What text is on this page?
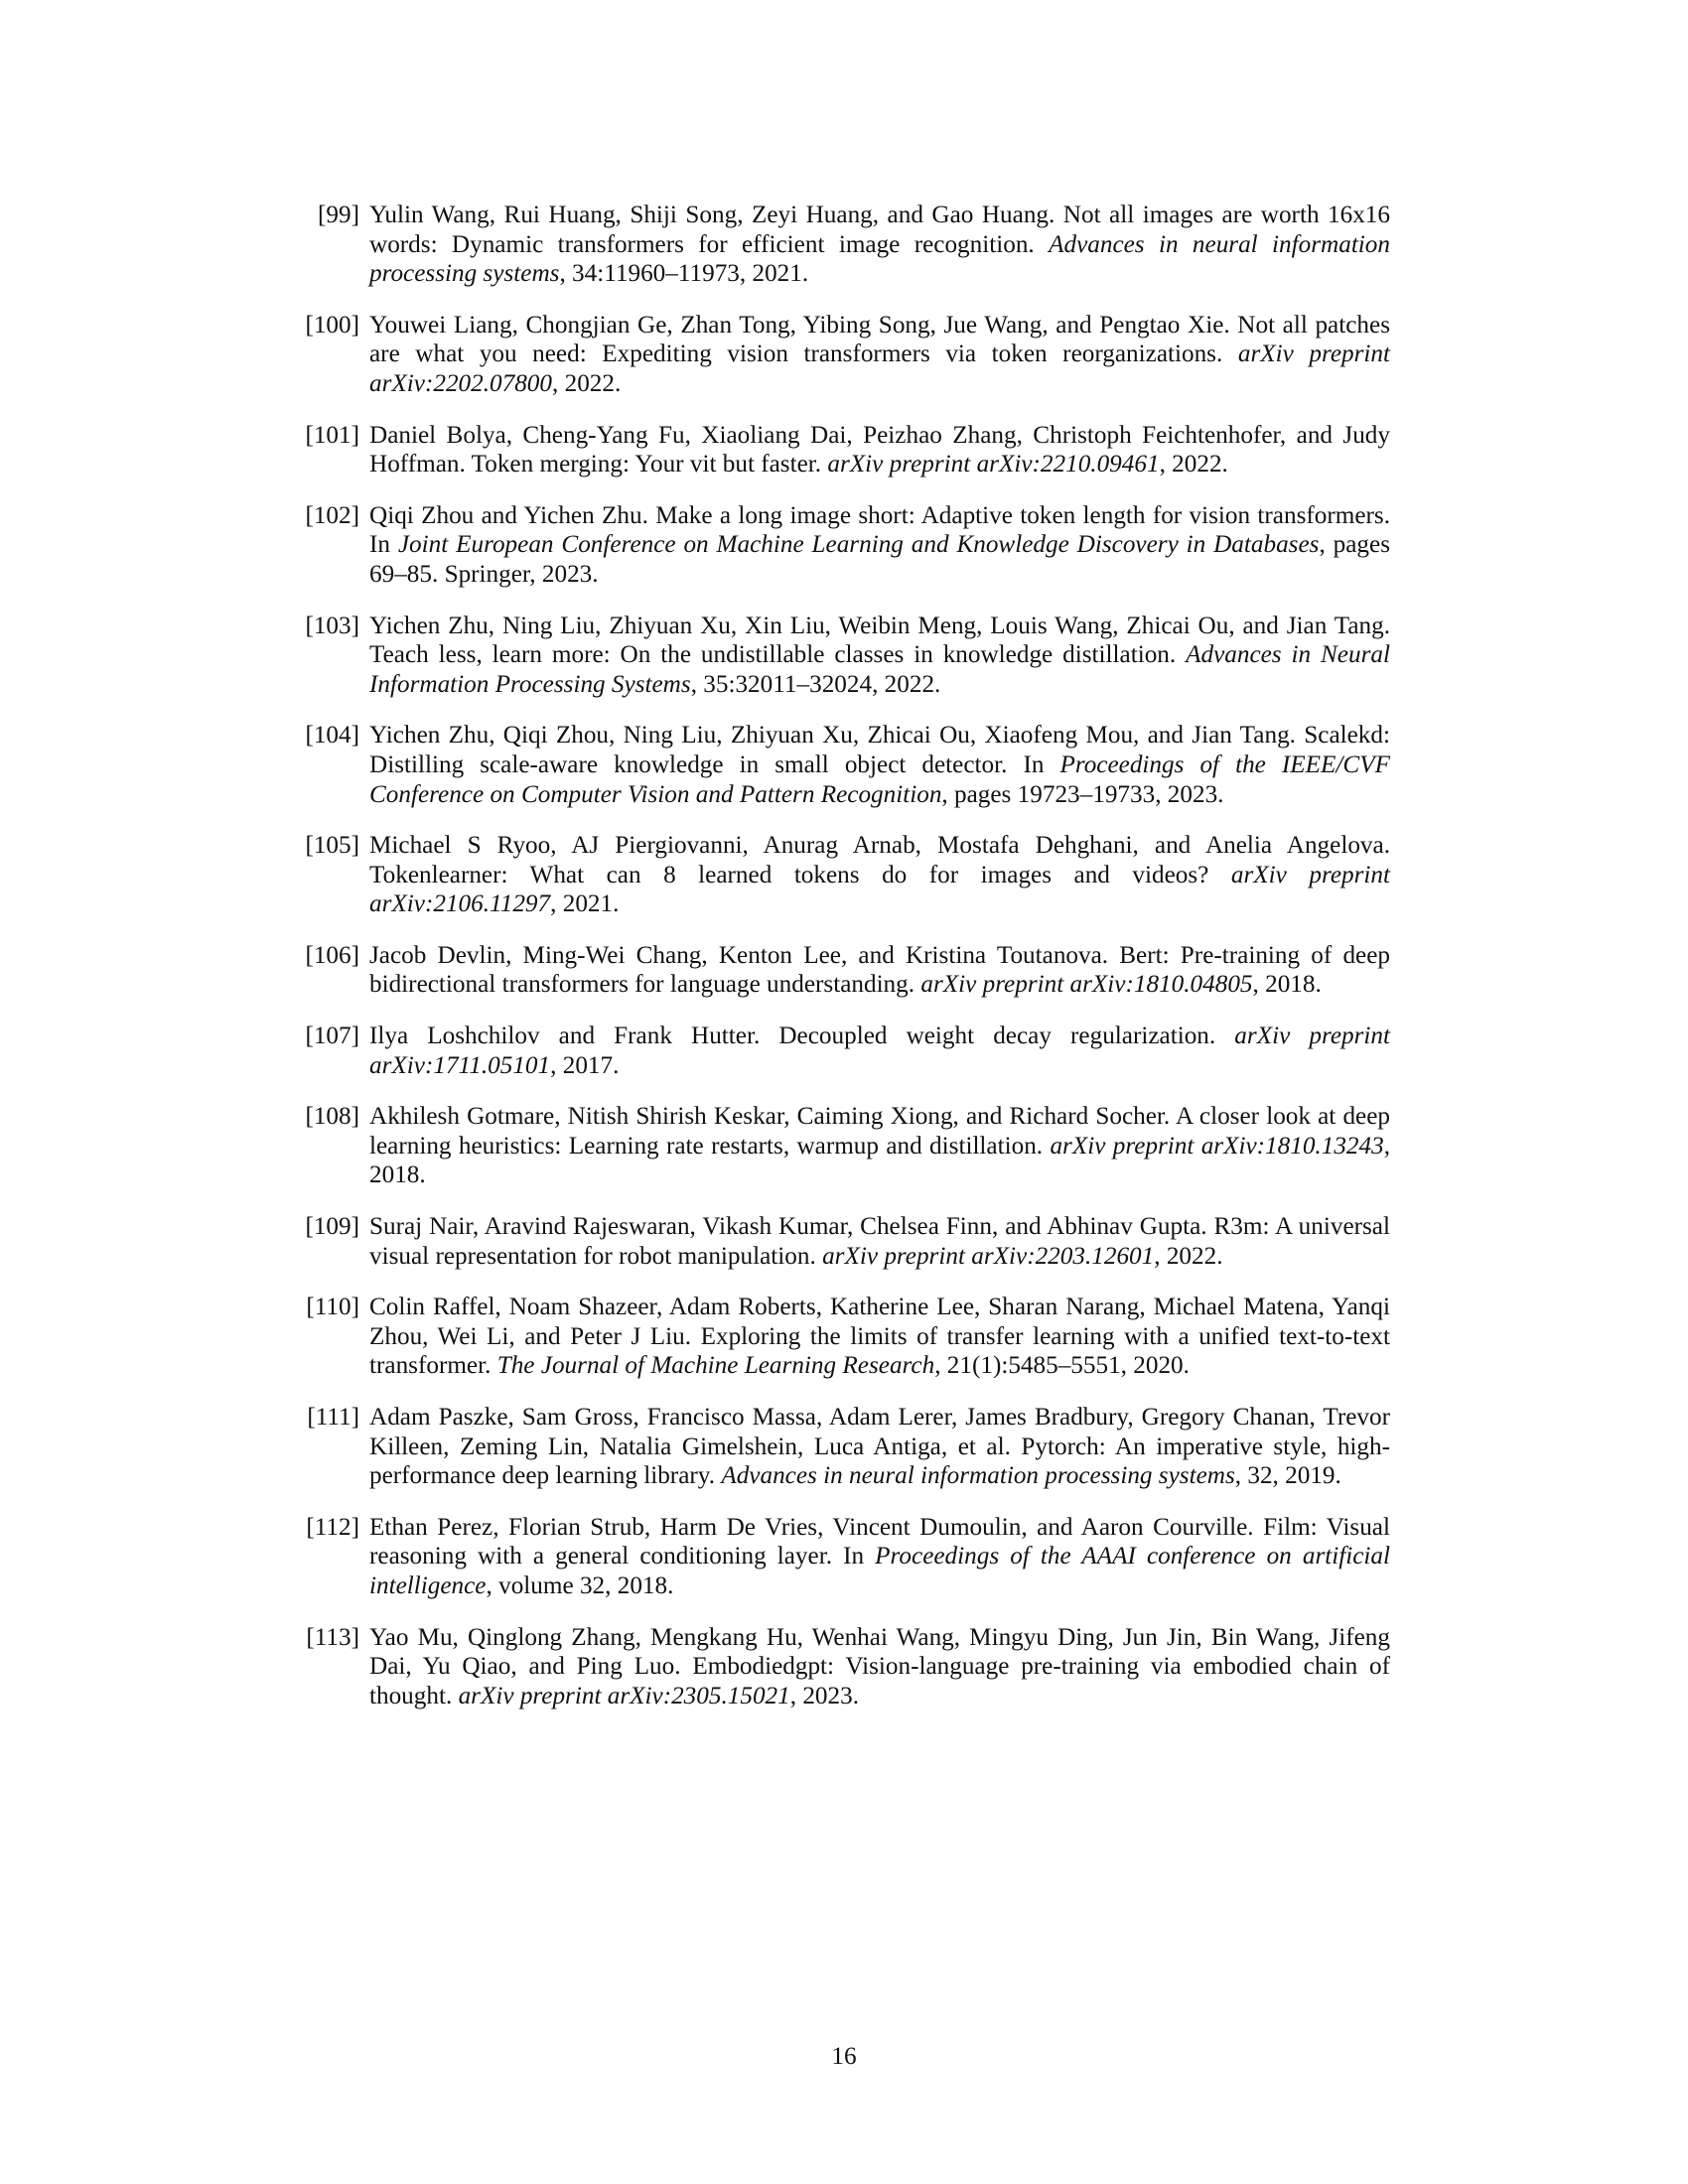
[99] Yulin Wang, Rui Huang, Shiji Song, Zeyi Huang, and Gao Huang. Not all images are worth 16x16 words: Dynamic transformers for efficient image recognition. Advances in neural information processing systems, 34:11960–11973, 2021.
[100] Youwei Liang, Chongjian Ge, Zhan Tong, Yibing Song, Jue Wang, and Pengtao Xie. Not all patches are what you need: Expediting vision transformers via token reorganizations. arXiv preprint arXiv:2202.07800, 2022.
[101] Daniel Bolya, Cheng-Yang Fu, Xiaoliang Dai, Peizhao Zhang, Christoph Feichtenhofer, and Judy Hoffman. Token merging: Your vit but faster. arXiv preprint arXiv:2210.09461, 2022.
[102] Qiqi Zhou and Yichen Zhu. Make a long image short: Adaptive token length for vision transformers. In Joint European Conference on Machine Learning and Knowledge Discovery in Databases, pages 69–85. Springer, 2023.
[103] Yichen Zhu, Ning Liu, Zhiyuan Xu, Xin Liu, Weibin Meng, Louis Wang, Zhicai Ou, and Jian Tang. Teach less, learn more: On the undistillable classes in knowledge distillation. Advances in Neural Information Processing Systems, 35:32011–32024, 2022.
[104] Yichen Zhu, Qiqi Zhou, Ning Liu, Zhiyuan Xu, Zhicai Ou, Xiaofeng Mou, and Jian Tang. Scalekd: Distilling scale-aware knowledge in small object detector. In Proceedings of the IEEE/CVF Conference on Computer Vision and Pattern Recognition, pages 19723–19733, 2023.
[105] Michael S Ryoo, AJ Piergiovanni, Anurag Arnab, Mostafa Dehghani, and Anelia Angelova. Tokenlearner: What can 8 learned tokens do for images and videos? arXiv preprint arXiv:2106.11297, 2021.
[106] Jacob Devlin, Ming-Wei Chang, Kenton Lee, and Kristina Toutanova. Bert: Pre-training of deep bidirectional transformers for language understanding. arXiv preprint arXiv:1810.04805, 2018.
[107] Ilya Loshchilov and Frank Hutter. Decoupled weight decay regularization. arXiv preprint arXiv:1711.05101, 2017.
[108] Akhilesh Gotmare, Nitish Shirish Keskar, Caiming Xiong, and Richard Socher. A closer look at deep learning heuristics: Learning rate restarts, warmup and distillation. arXiv preprint arXiv:1810.13243, 2018.
[109] Suraj Nair, Aravind Rajeswaran, Vikash Kumar, Chelsea Finn, and Abhinav Gupta. R3m: A universal visual representation for robot manipulation. arXiv preprint arXiv:2203.12601, 2022.
[110] Colin Raffel, Noam Shazeer, Adam Roberts, Katherine Lee, Sharan Narang, Michael Matena, Yanqi Zhou, Wei Li, and Peter J Liu. Exploring the limits of transfer learning with a unified text-to-text transformer. The Journal of Machine Learning Research, 21(1):5485–5551, 2020.
[111] Adam Paszke, Sam Gross, Francisco Massa, Adam Lerer, James Bradbury, Gregory Chanan, Trevor Killeen, Zeming Lin, Natalia Gimelshein, Luca Antiga, et al. Pytorch: An imperative style, high-performance deep learning library. Advances in neural information processing systems, 32, 2019.
[112] Ethan Perez, Florian Strub, Harm De Vries, Vincent Dumoulin, and Aaron Courville. Film: Visual reasoning with a general conditioning layer. In Proceedings of the AAAI conference on artificial intelligence, volume 32, 2018.
[113] Yao Mu, Qinglong Zhang, Mengkang Hu, Wenhai Wang, Mingyu Ding, Jun Jin, Bin Wang, Jifeng Dai, Yu Qiao, and Ping Luo. Embodiedgpt: Vision-language pre-training via embodied chain of thought. arXiv preprint arXiv:2305.15021, 2023.
16
